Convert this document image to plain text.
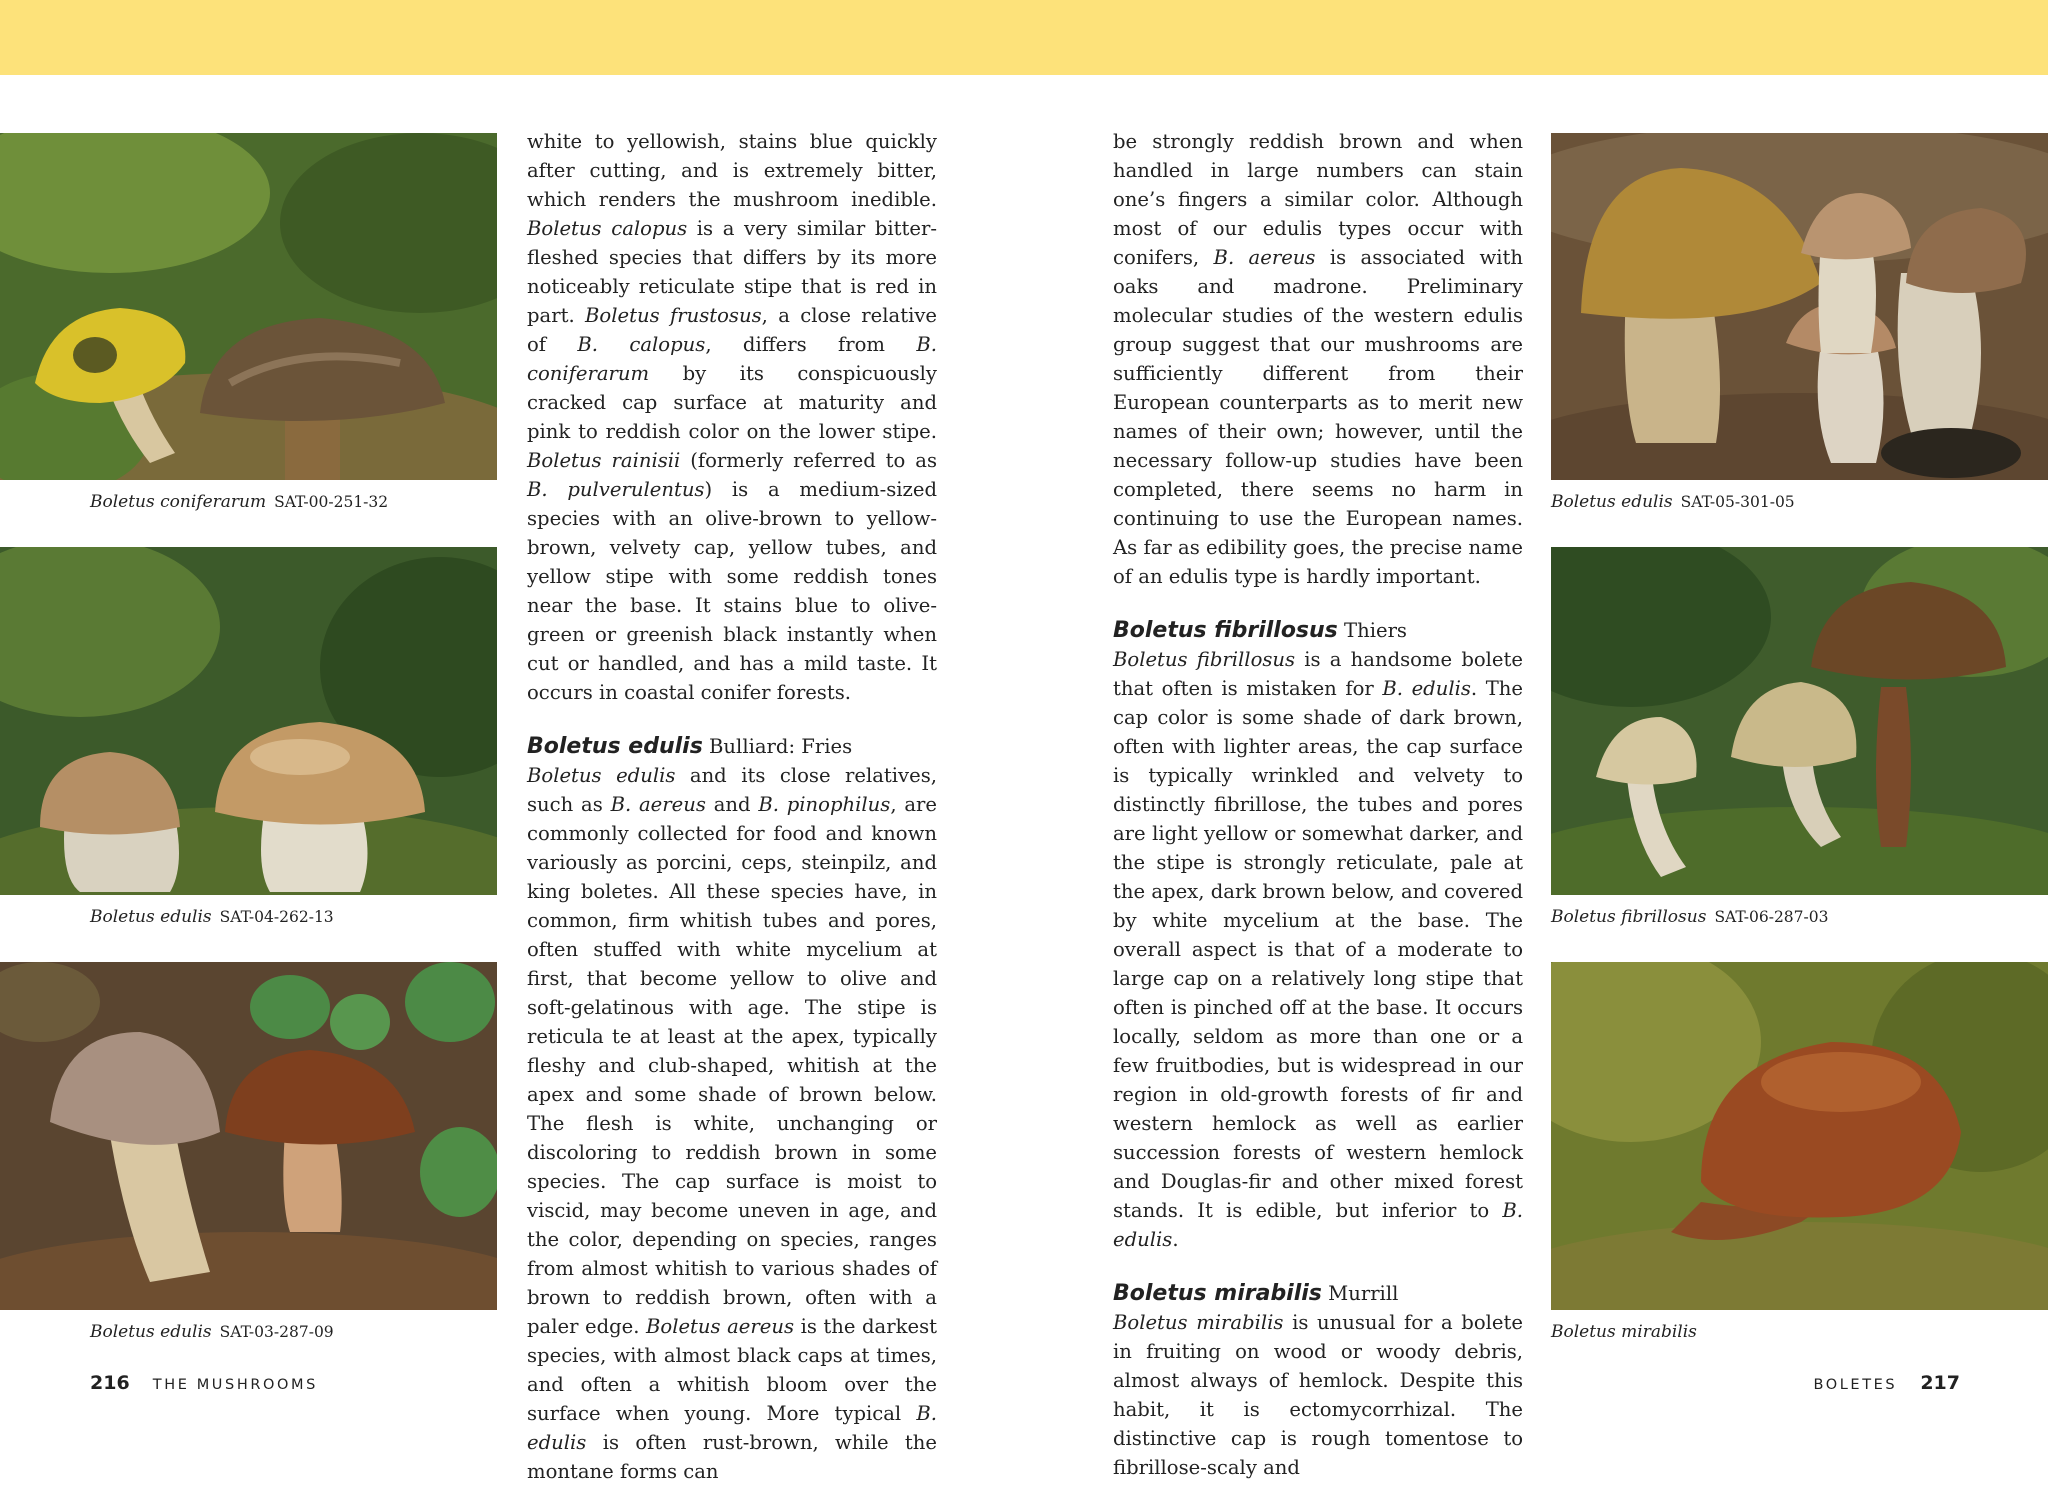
Boletus coniferarum SAT-00-251-32
Boletus edulis SAT-04-262-13
Boletus edulis SAT-03-287-09

white to yellowish, stains blue quickly after cutting, and is extremely bitter, which renders the mushroom inedible. Boletus calopus is a very similar bitter-fleshed species that differs by its more noticeably reticulate stipe that is red in part. Boletus frustosus, a close relative of B. calopus, differs from B. coniferarum by its conspicuously cracked cap surface at maturity and pink to reddish color on the lower stipe. Boletus rainisii (formerly referred to as B. pulverulentus) is a medium-sized species with an olive-brown to yellow-brown, velvety cap, yellow tubes, and yellow stipe with some reddish tones near the base. It stains blue to olive-green or greenish black instantly when cut or handled, and has a mild taste. It occurs in coastal conifer forests.

Boletus edulis Bulliard: Fries

Boletus edulis and its close relatives, such as B. aereus and B. pinophilus, are commonly collected for food and known variously as porcini, ceps, steinpilz, and king boletes. All these species have, in common, firm whitish tubes and pores, often stuffed with white mycelium at first, that become yellow to olive and soft-gelatinous with age. The stipe is reticula te at least at the apex, typically fleshy and club-shaped, whitish at the apex and some shade of brown below. The flesh is white, unchanging or discoloring to reddish brown in some species. The cap surface is moist to viscid, may become uneven in age, and the color, depending on species, ranges from almost whitish to various shades of brown to reddish brown, often with a paler edge. Boletus aereus is the darkest species, with almost black caps at times, and often a whitish bloom over the surface when young. More typical B. edulis is often rust-brown, while the montane forms can

be strongly reddish brown and when handled in large numbers can stain one’s fingers a similar color. Although most of our edulis types occur with conifers, B. aereus is associated with oaks and madrone. Preliminary molecular studies of the western edulis group suggest that our mushrooms are sufficiently different from their European counterparts as to merit new names of their own; however, until the necessary follow-up studies have been completed, there seems no harm in continuing to use the European names. As far as edibility goes, the precise name of an edulis type is hardly important.

Boletus fibrillosus Thiers

Boletus fibrillosus is a handsome bolete that often is mistaken for B. edulis. The cap color is some shade of dark brown, often with lighter areas, the cap surface is typically wrinkled and velvety to distinctly fibrillose, the tubes and pores are light yellow or somewhat darker, and the stipe is strongly reticulate, pale at the apex, dark brown below, and covered by white mycelium at the base. The overall aspect is that of a moderate to large cap on a relatively long stipe that often is pinched off at the base. It occurs locally, seldom as more than one or a few fruitbodies, but is widespread in our region in old-growth forests of fir and western hemlock as well as earlier succession forests of western hemlock and Douglas-fir and other mixed forest stands. It is edible, but inferior to B. edulis.

Boletus mirabilis Murrill

Boletus mirabilis is unusual for a bolete in fruiting on wood or woody debris, almost always of hemlock. Despite this habit, it is ectomycorrhizal. The distinctive cap is rough tomentose to fibrillose-scaly and

Boletus edulis SAT-05-301-05
Boletus fibrillosus SAT-06-287-03
Boletus mirabilis
216 THE MUSHROOMS	BOLETES 217
